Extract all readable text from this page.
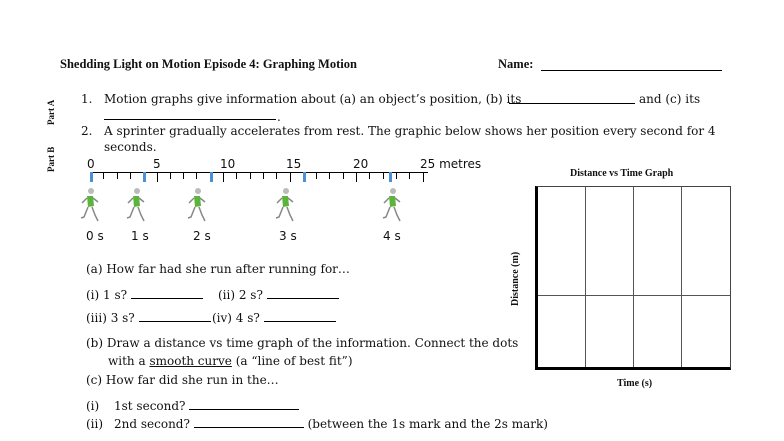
Shedding Light on Motion Episode 4: Graphing Motion	Name:
Part A
Part B
1. Motion graphs give information about (a) an object’s position, (b) its	and (c) its
.
2. A sprinter gradually accelerates from rest. The graphic below shows her position every second for 4
seconds.
0	5	10	15	20	25 metres
0 s 1 s	2 s	3 s	4 s
(a) How far had she run after running for…
(i) 1 s?	(ii) 2 s?
(iii) 3 s?	(iv) 4 s?
(b) Draw a distance vs time graph of the information. Connect the dots
with a smooth curve (a “line of best fit”)
(c) How far did she run in the…
(i) 1st second?
(ii) 2nd second?	(between the 1s mark and the 2s mark)
Distance vs Time Graph
Distance (m)
Time (s)
